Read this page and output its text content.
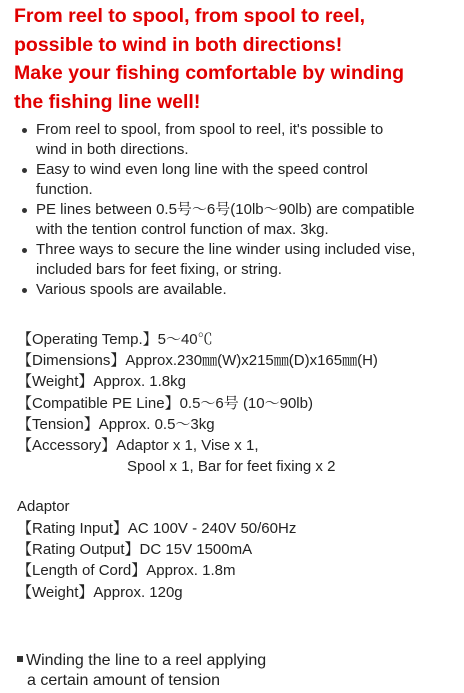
From reel to spool, from spool to reel,
possible to wind in both directions!
Make your fishing comfortable by winding
the fishing line well!
From reel to spool, from spool to reel, it's possible to
wind in both directions.
Easy to wind even long line with the speed control
function.
PE lines between 0.5号～6号(10lb～90lb) are compatible
with the tention control function of max. 3kg.
Three ways to secure the line winder using included vise,
included bars for feet fixing, or string.
Various spools are available.
【Operating Temp.】5～40℃
【Dimensions】Approx.230㎜(W)x215㎜(D)x165㎜(H)
【Weight】Approx. 1.8kg
【Compatible PE Line】0.5～6号 (10～90lb)
【Tension】Approx. 0.5～3kg
【Accessory】Adaptor x 1, Vise x 1,
Spool x 1, Bar for feet fixing x 2
Adaptor
【Rating Input】AC 100V - 240V 50/60Hz
【Rating Output】DC 15V 1500mA
【Length of Cord】Approx. 1.8m
【Weight】Approx. 120g
Winding the line to a reel applying
a certain amount of tension
